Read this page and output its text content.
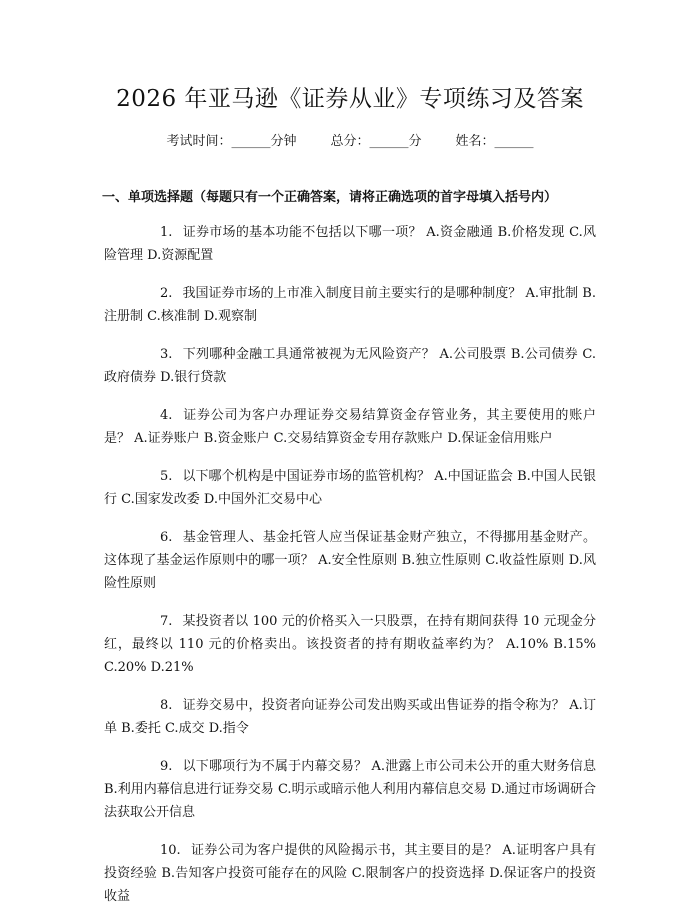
2026 年亚马逊《证券从业》专项练习及答案
考试时间：______分钟	总分：______分	姓名：______
一、单项选择题（每题只有一个正确答案，请将正确选项的首字母填入括号内）

1. 证券市场的基本功能不包括以下哪一项？ A.资金融通 B.价格发现 C.风险管理 D.资源配置

2. 我国证券市场的上市准入制度目前主要实行的是哪种制度？ A.审批制 B.注册制 C.核准制 D.观察制

3. 下列哪种金融工具通常被视为无风险资产？ A.公司股票 B.公司债券 C.政府债券 D.银行贷款

4. 证券公司为客户办理证券交易结算资金存管业务，其主要使用的账户是？ A.证券账户 B.资金账户 C.交易结算资金专用存款账户 D.保证金信用账户

5. 以下哪个机构是中国证券市场的监管机构？ A.中国证监会 B.中国人民银行 C.国家发改委 D.中国外汇交易中心

6. 基金管理人、基金托管人应当保证基金财产独立，不得挪用基金财产。这体现了基金运作原则中的哪一项？ A.安全性原则 B.独立性原则 C.收益性原则 D.风险性原则

7. 某投资者以 100 元的价格买入一只股票，在持有期间获得 10 元现金分红，最终以 110 元的价格卖出。该投资者的持有期收益率约为？ A.10% B.15% C.20% D.21%

8. 证券交易中，投资者向证券公司发出购买或出售证券的指令称为？ A.订单 B.委托 C.成交 D.指令

9. 以下哪项行为不属于内幕交易？ A.泄露上市公司未公开的重大财务信息 B.利用内幕信息进行证券交易 C.明示或暗示他人利用内幕信息交易 D.通过市场调研合法获取公开信息

10. 证券公司为客户提供的风险揭示书，其主要目的是？ A.证明客户具有投资经验 B.告知客户投资可能存在的风险 C.限制客户的投资选择 D.保证客户的投资收益
